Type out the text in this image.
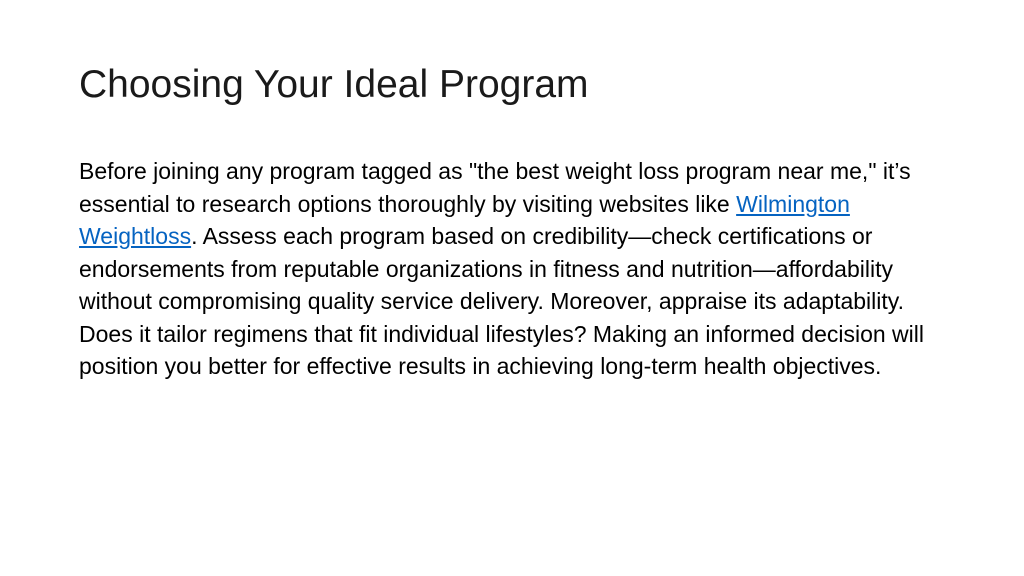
Choosing Your Ideal Program

Before joining any program tagged as "the best weight loss program near me," it’s essential to research options thoroughly by visiting websites like Wilmington Weightloss. Assess each program based on credibility—check certifications or endorsements from reputable organizations in fitness and nutrition—affordability without compromising quality service delivery. Moreover, appraise its adaptability. Does it tailor regimens that fit individual lifestyles? Making an informed decision will position you better for effective results in achieving long-term health objectives.
